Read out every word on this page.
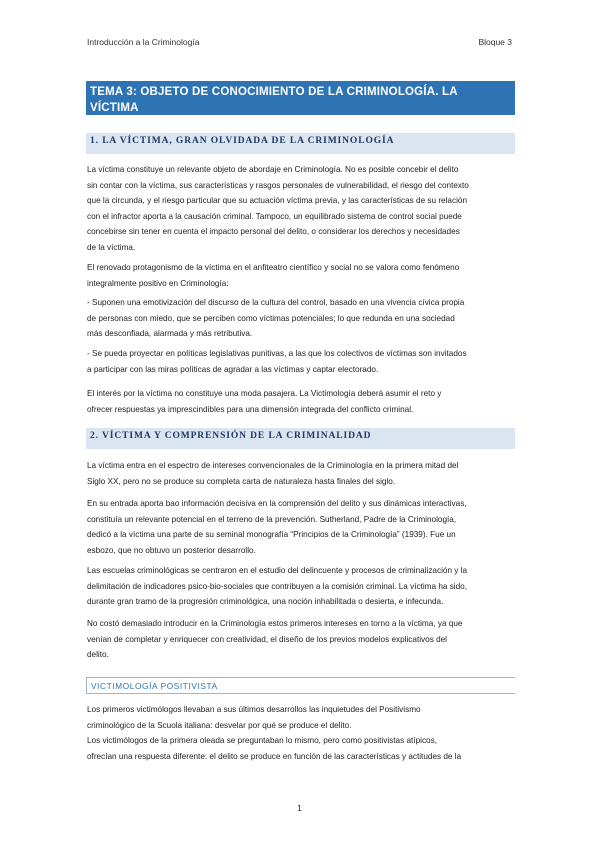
Introducción a la Criminología	Bloque 3
TEMA 3: OBJETO DE CONOCIMIENTO DE LA CRIMINOLOGÍA. LA
VÍCTIMA
1. LA VÍCTIMA, GRAN OLVIDADA DE LA CRIMINOLOGÍA
La víctima constituye un relevante objeto de abordaje en Criminología. No es posible concebir el delito
sin contar con la víctima, sus características y rasgos personales de vulnerabilidad, el riesgo del contexto
que la circunda, y el riesgo particular que su actuación víctima previa, y las características de su relación
con el infractor aporta a la causación criminal. Tampoco, un equilibrado sistema de control social puede
concebirse sin tener en cuenta el impacto personal del delito, o considerar los derechos y necesidades
de la víctima.
El renovado protagonismo de la víctima en el anfiteatro científico y social no se valora como fenómeno
integralmente positivo en Criminología:
- Suponen una emotivización del discurso de la cultura del control, basado en una vivencia cívica propia
de personas con miedo, que se perciben como víctimas potenciales; lo que redunda en una sociedad
más desconfiada, alarmada y más retributiva.
- Se pueda proyectar en políticas legislativas punitivas, a las que los colectivos de víctimas son invitados
a participar con las miras políticas de agradar a las víctimas y captar electorado.
El interés por la víctima no constituye una moda pasajera. La Victimología deberá asumir el reto y
ofrecer respuestas ya imprescindibles para una dimensión integrada del conflicto criminal.
2. VÍCTIMA Y COMPRENSIÓN DE LA CRIMINALIDAD
La víctima entra en el espectro de intereses convencionales de la Criminología en la primera mitad del
Siglo XX, pero no se produce su completa carta de naturaleza hasta finales del siglo.
En su entrada aporta bao información decisiva en la comprensión del delito y sus dinámicas interactivas,
constituía un relevante potencial en el terreno de la prevención. Sutherland, Padre de la Criminología,
dedicó a la víctima una parte de su seminal monografía “Principios de la Criminología” (1939). Fue un
esbozo, que no obtuvo un posterior desarrollo.
Las escuelas criminológicas se centraron en el estudio del delincuente y procesos de criminalización y la
delimitación de indicadores psico-bio-sociales que contribuyen a la comisión criminal. La víctima ha sido,
durante gran tramo de la progresión criminológica, una noción inhabilitada o desierta, e infecunda.
No costó demasiado introducir en la Criminología estos primeros intereses en torno a la víctima, ya que
venían de completar y enriquecer con creatividad, el diseño de los previos modelos explicativos del
delito.
VICTIMOLOGÍA POSITIVISTA
Los primeros victimólogos llevaban a sus últimos desarrollos las inquietudes del Positivismo
criminológico de la Scuola italiana: desvelar por qué se produce el delito.
Los victimólogos de la primera oleada se preguntaban lo mismo, pero como positivistas atípicos,
ofrecían una respuesta diferente: el delito se produce en función de las características y actitudes de la
1
